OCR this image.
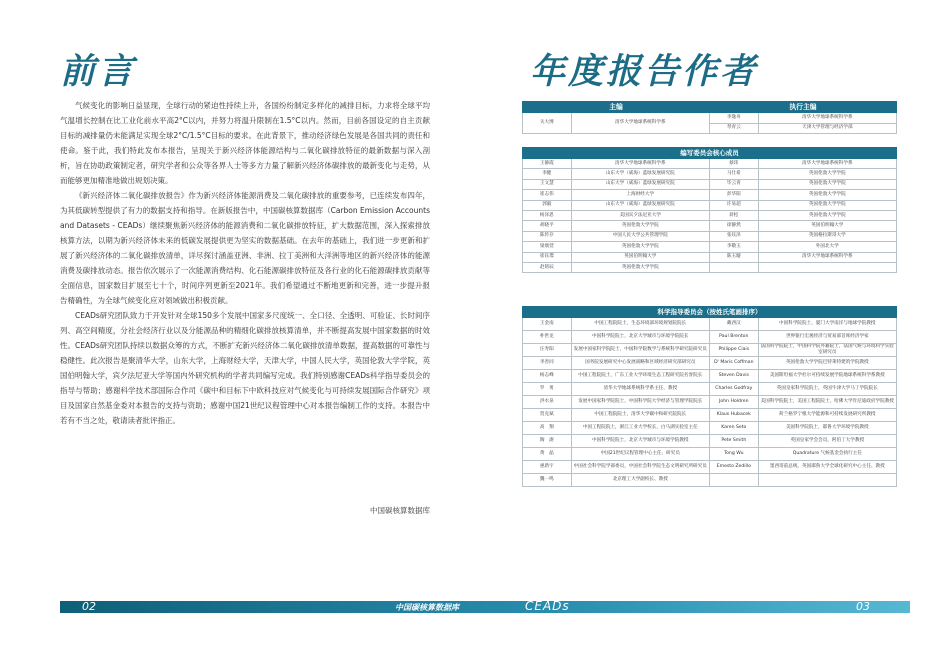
前言

气候变化的影响日益显现，全球行动的紧迫性持续上升，各国纷纷制定多样化的减排目标，力求将全球平均气温增长控制在比工业化前水平高2°C以内，并努力将温升限制在1.5°C以内。然而，目前各国设定的自主贡献目标的减排量仍未能满足实现全球2°C/1.5°C目标的要求。在此背景下，推动经济绿色发展是各国共同的责任和使命。鉴于此，我们特此发布本报告，呈现关于新兴经济体能源结构与二氧化碳排放特征的最新数据与深入剖析，旨在协助政策制定者，研究学者和公众等各界人士等多方力量了解新兴经济体碳排放的最新变化与走势，从而能够更加精准地做出规划决策。

《新兴经济体二氧化碳排放报告》作为新兴经济体能源消费及二氧化碳排放的重要参考，已连续发布四年，为其低碳转型提供了有力的数据支持和指导。在新版报告中，中国碳核算数据库（Carbon Emission Accounts and Datasets - CEADs）继续聚焦新兴经济体的能源消费和二氧化碳排放特征，扩大数据范围，深入探索排放核算方法，以期为新兴经济体未来的低碳发展提供更为坚实的数据基础。在去年的基础上，我们进一步更新和扩展了新兴经济体的二氧化碳排放清单，详尽探讨涵盖亚洲、非洲、拉丁美洲和大洋洲等地区的新兴经济体的能源消费及碳排放动态。报告依次展示了一次能源消费结构、化石能源碳排放特征及各行业的化石能源碳排放贡献等全面信息，国家数目扩展至七十个，时间序列更新至2021年。我们希望通过不断地更新和完善，进一步提升报告精确性，为全球气候变化应对领域做出积极贡献。

CEADs研究团队致力于开发针对全球150多个发展中国家多尺度统一、全口径、全透明、可验证、长时间序列、高空间精度，分社会经济行业以及分能源品种的精细化碳排放核算清单，并不断提高发展中国家数据的时效性。CEADs研究团队持续以数据众筹的方式，不断扩充新兴经济体二氧化碳排放清单数据，提高数据的可靠性与稳健性。此次报告是聚清华大学，山东大学，上海财经大学，天津大学，中国人民大学，英国伦敦大学学院，英国伯明翰大学，宾夕法尼亚大学等国内外研究机构的学者共同编写完成。我们特别感谢CEADs科学指导委员会的指导与帮助；感谢科学技术部国际合作司《碳中和目标下中欧科技应对气候变化与可持续发展国际合作研究》项目及国家自然基金委对本报告的支持与资助；感谢中国21世纪议程管理中心对本报告编制工作的支持。本报告中若有不当之处，敬请读者批评指正。

中国碳核算数据库
年度报告作者
主编		执行主编	
关大博	清华大学地球系统科学系	李逸舟	清华大学地球系统科学系
		琴青云	天津大学管理与经济学部
编写委员会核心成员			
王静霞	清华大学地球系统科学系	蔡玮	清华大学地球系统科学系
李健	山东大学（威海）蓝绿发展研究院	马仕希	英国伦敦大学学院
王文慧	山东大学（威海）蓝绿发展研究院	毕云青	英国伦敦大学学院
崔志伟	上海财经大学	彭华阳	英国伦敦大学学院
郭毅	山东大学（威海）蓝绿发展研究院	许易超	英国伦敦大学学院
杨泽恩	美国宾夕法尼亚大学	蒋松	英国伦敦大学学院
胡晓平	英国伦敦大学学院	徐静然	英国伯明翰大学
陈传存	中国人民大学公共管理学院	张钰泽	英国格拉斯哥大学
梁康萱	英国伦敦大学学院	李敬玉	外国北大学
崔钰璟	英国伯明翰大学	陈玉璇	清华大学地球系统科学系
赵铭辰	英国伦敦大学学院		
科学指导委员会（按姓氏笔画排序）			
王金南	中国工程院院士，生态环境部环境规划院院长	戴西汉	中国科学院院士，厦门大学南洋与地球学院教授
朴世龙	中国科学院院士，北京大学城市与环境学院院长	Paul Brenton	世界银行宏观经济与贸易部首席经济学家
汪寿阳	发展中国家科学院院士，中国科学院数学与系统科学研究院研究员	Philippe Ciais	法国科学院院士，中国科学院外籍院士，法国气候与环境科学实验室研究员
李善同	国务院发展研究中心发展战略和区域经济研究部研究员	D' Maris Coffman	英国伦敦大学学院巴特莱特建筑学院教授
杨志峰	中国工程院院士，广东工业大学环境生态工程研究院名誉院长	Steven Davis	美国斯坦福大学杜尔可持续发展学院地球系统科学系教授
罗　勇	清华大学地球系统科学系主任、教授	Charles Godfray	英国皇家科学院院士，英国牛津大学马丁学院院长
洪水泉	发展中国家科学院院士，中国科学院大学经济与管理学院院长	John Holdren	美国科学院院士，美国工程院院士，哈佛大学肯尼迪政府学院教授
贺克斌	中国工程院院士，清华大学碳中和研究院院长	Klaus Hubacek	荷兰格罗宁根大学能源和可持续发展研究所教授
高　翔	中国工程院院士，浙江工业大学校长，白马湖实验室主任	Karen Seto	美国科学院院士，耶鲁大学环境学院教授
陶　澍	中国科学院院士，北京大学城市与环境学院教授	Pete Smith	英国皇家学会会员，阿伯丁大学教授
黄　晶	中国21世纪议程管理中心主任、研究员	Tong Wu	Quadrature 气候基金会执行主任
惠新宇	中国社会科学院学部委员，中国社会科学院生态文明研究所研究员	Emesto Zedillo	墨西哥前总统，英国耶鲁大学全球化研究中心主任、教授
魏一鸣	北京理工大学副校长、教授		
02	中国碳核算数据库	CEADs	03
